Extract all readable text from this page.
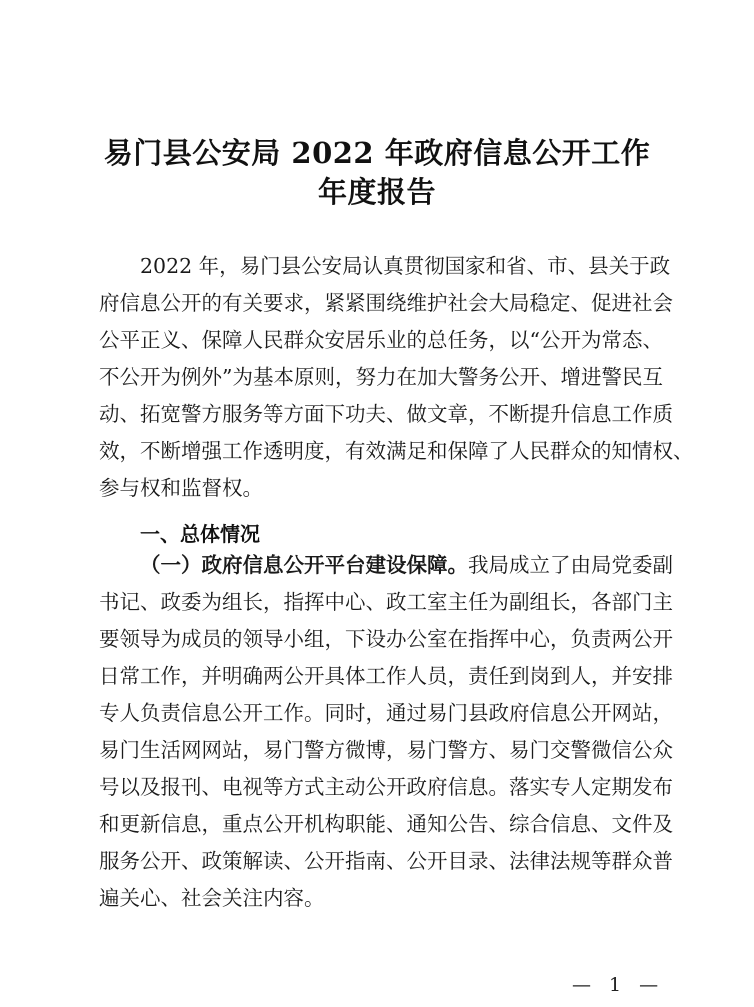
易门县公安局 2022 年政府信息公开工作
年度报告
2022 年，易门县公安局认真贯彻国家和省、市、县关于政
府信息公开的有关要求，紧紧围绕维护社会大局稳定、促进社会
公平正义、保障人民群众安居乐业的总任务，以“公开为常态、
不公开为例外”为基本原则，努力在加大警务公开、增进警民互
动、拓宽警方服务等方面下功夫、做文章，不断提升信息工作质
效，不断增强工作透明度，有效满足和保障了人民群众的知情权、
参与权和监督权。
一、总体情况
（一）政府信息公开平台建设保障。我局成立了由局党委副
书记、政委为组长，指挥中心、政工室主任为副组长，各部门主
要领导为成员的领导小组，下设办公室在指挥中心，负责两公开
日常工作，并明确两公开具体工作人员，责任到岗到人，并安排
专人负责信息公开工作。同时，通过易门县政府信息公开网站，
易门生活网网站，易门警方微博，易门警方、易门交警微信公众
号以及报刊、电视等方式主动公开政府信息。落实专人定期发布
和更新信息，重点公开机构职能、通知公告、综合信息、文件及
服务公开、政策解读、公开指南、公开目录、法律法规等群众普
遍关心、社会关注内容。
— 1 —
